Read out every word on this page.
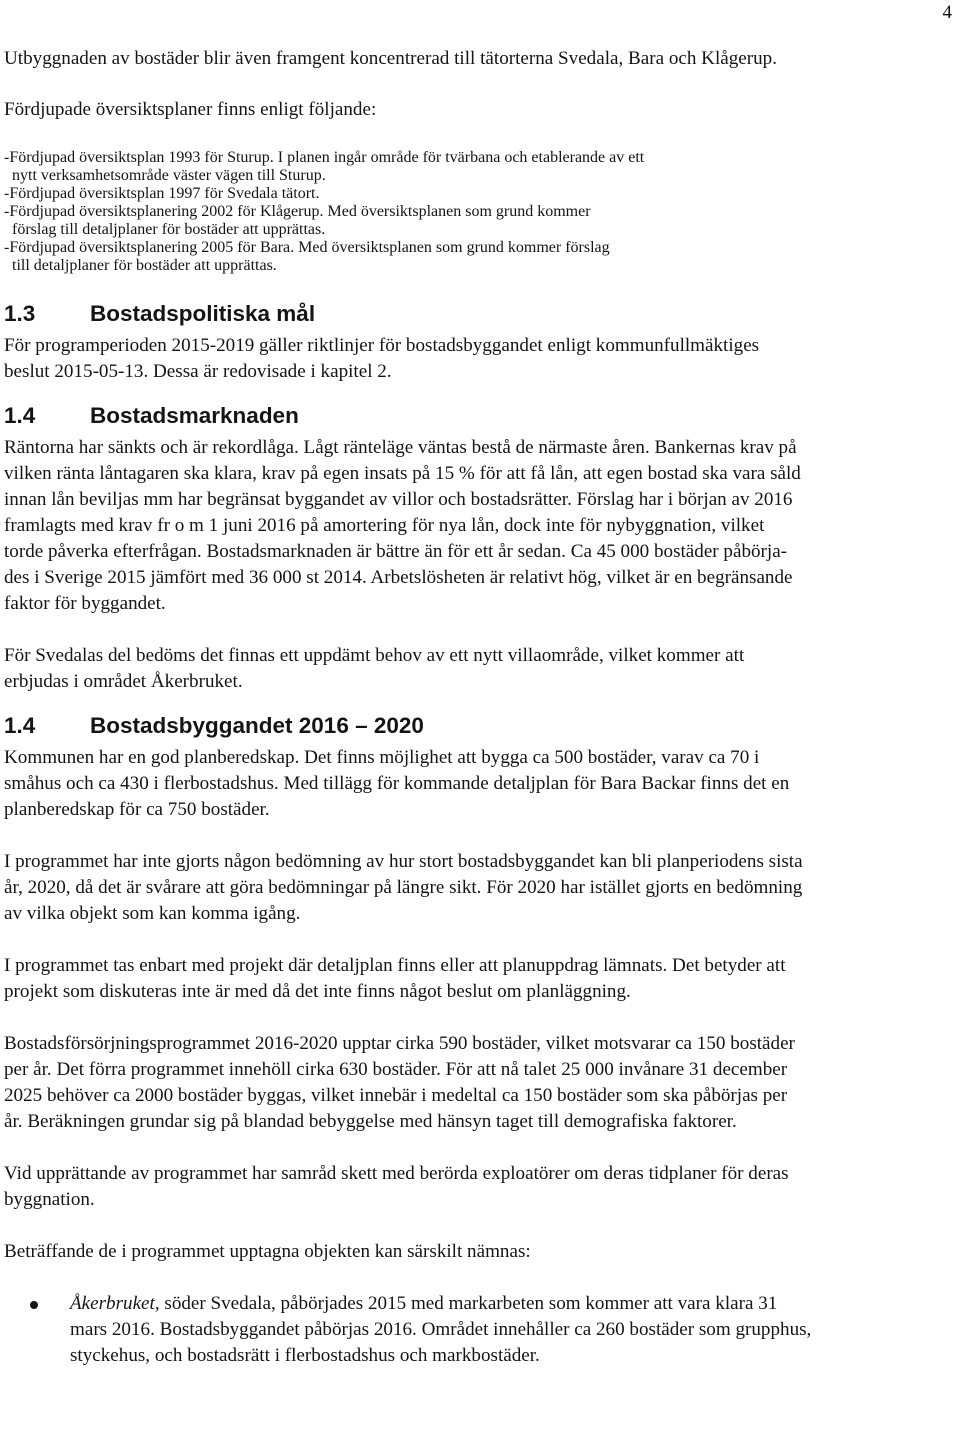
4

Utbyggnaden av bostäder blir även framgent koncentrerad till tätorterna Svedala, Bara och Klågerup.

Fördjupade översiktsplaner finns enligt följande:

-Fördjupad översiktsplan 1993 för Sturup. I planen ingår område för tvärbana och etablerande av ett
nytt verksamhetsområde väster vägen till Sturup.
-Fördjupad översiktsplan 1997 för Svedala tätort.
-Fördjupad översiktsplanering 2002 för Klågerup. Med översiktsplanen som grund kommer
förslag till detaljplaner för bostäder att upprättas.
-Fördjupad översiktsplanering 2005 för Bara. Med översiktsplanen som grund kommer förslag
till detaljplaner för bostäder att upprättas.
1.3 Bostadspolitiska mål

För programperioden 2015-2019 gäller riktlinjer för bostadsbyggandet enligt kommunfullmäktiges

beslut 2015-05-13. Dessa är redovisade i kapitel 2.

1.4 Bostadsmarknaden

Räntorna har sänkts och är rekordlåga. Lågt ränteläge väntas bestå de närmaste åren. Bankernas krav på

vilken ränta låntagaren ska klara, krav på egen insats på 15 % för att få lån, att egen bostad ska vara såld

innan lån beviljas mm har begränsat byggandet av villor och bostadsrätter. Förslag har i början av 2016

framlagts med krav fr o m 1 juni 2016 på amortering för nya lån, dock inte för nybyggnation, vilket

torde påverka efterfrågan. Bostadsmarknaden är bättre än för ett år sedan. Ca 45 000 bostäder påbörja-

des i Sverige 2015 jämfört med 36 000 st 2014. Arbetslösheten är relativt hög, vilket är en begränsande

faktor för byggandet.

För Svedalas del bedöms det finnas ett uppdämt behov av ett nytt villaområde, vilket kommer att

erbjudas i området Åkerbruket.

1.4 Bostadsbyggandet 2016 – 2020

Kommunen har en god planberedskap. Det finns möjlighet att bygga ca 500 bostäder, varav ca 70 i

småhus och ca 430 i flerbostadshus. Med tillägg för kommande detaljplan för Bara Backar finns det en

planberedskap för ca 750 bostäder.

I programmet har inte gjorts någon bedömning av hur stort bostadsbyggandet kan bli planperiodens sista

år, 2020, då det är svårare att göra bedömningar på längre sikt. För 2020 har istället gjorts en bedömning

av vilka objekt som kan komma igång.

I programmet tas enbart med projekt där detaljplan finns eller att planuppdrag lämnats. Det betyder att

projekt som diskuteras inte är med då det inte finns något beslut om planläggning.

Bostadsförsörjningsprogrammet 2016-2020 upptar cirka 590 bostäder, vilket motsvarar ca 150 bostäder

per år. Det förra programmet innehöll cirka 630 bostäder. För att nå talet 25 000 invånare 31 december

2025 behöver ca 2000 bostäder byggas, vilket innebär i medeltal ca 150 bostäder som ska påbörjas per

år. Beräkningen grundar sig på blandad bebyggelse med hänsyn taget till demografiska faktorer.

Vid upprättande av programmet har samråd skett med berörda exploatörer om deras tidplaner för deras

byggnation.

Beträffande de i programmet upptagna objekten kan särskilt nämnas:

Åkerbruket, söder Svedala, påbörjades 2015 med markarbeten som kommer att vara klara 31
mars 2016. Bostadsbyggandet påbörjas 2016. Området innehåller ca 260 bostäder som grupphus,
styckehus, och bostadsrätt i flerbostadshus och markbostäder.
